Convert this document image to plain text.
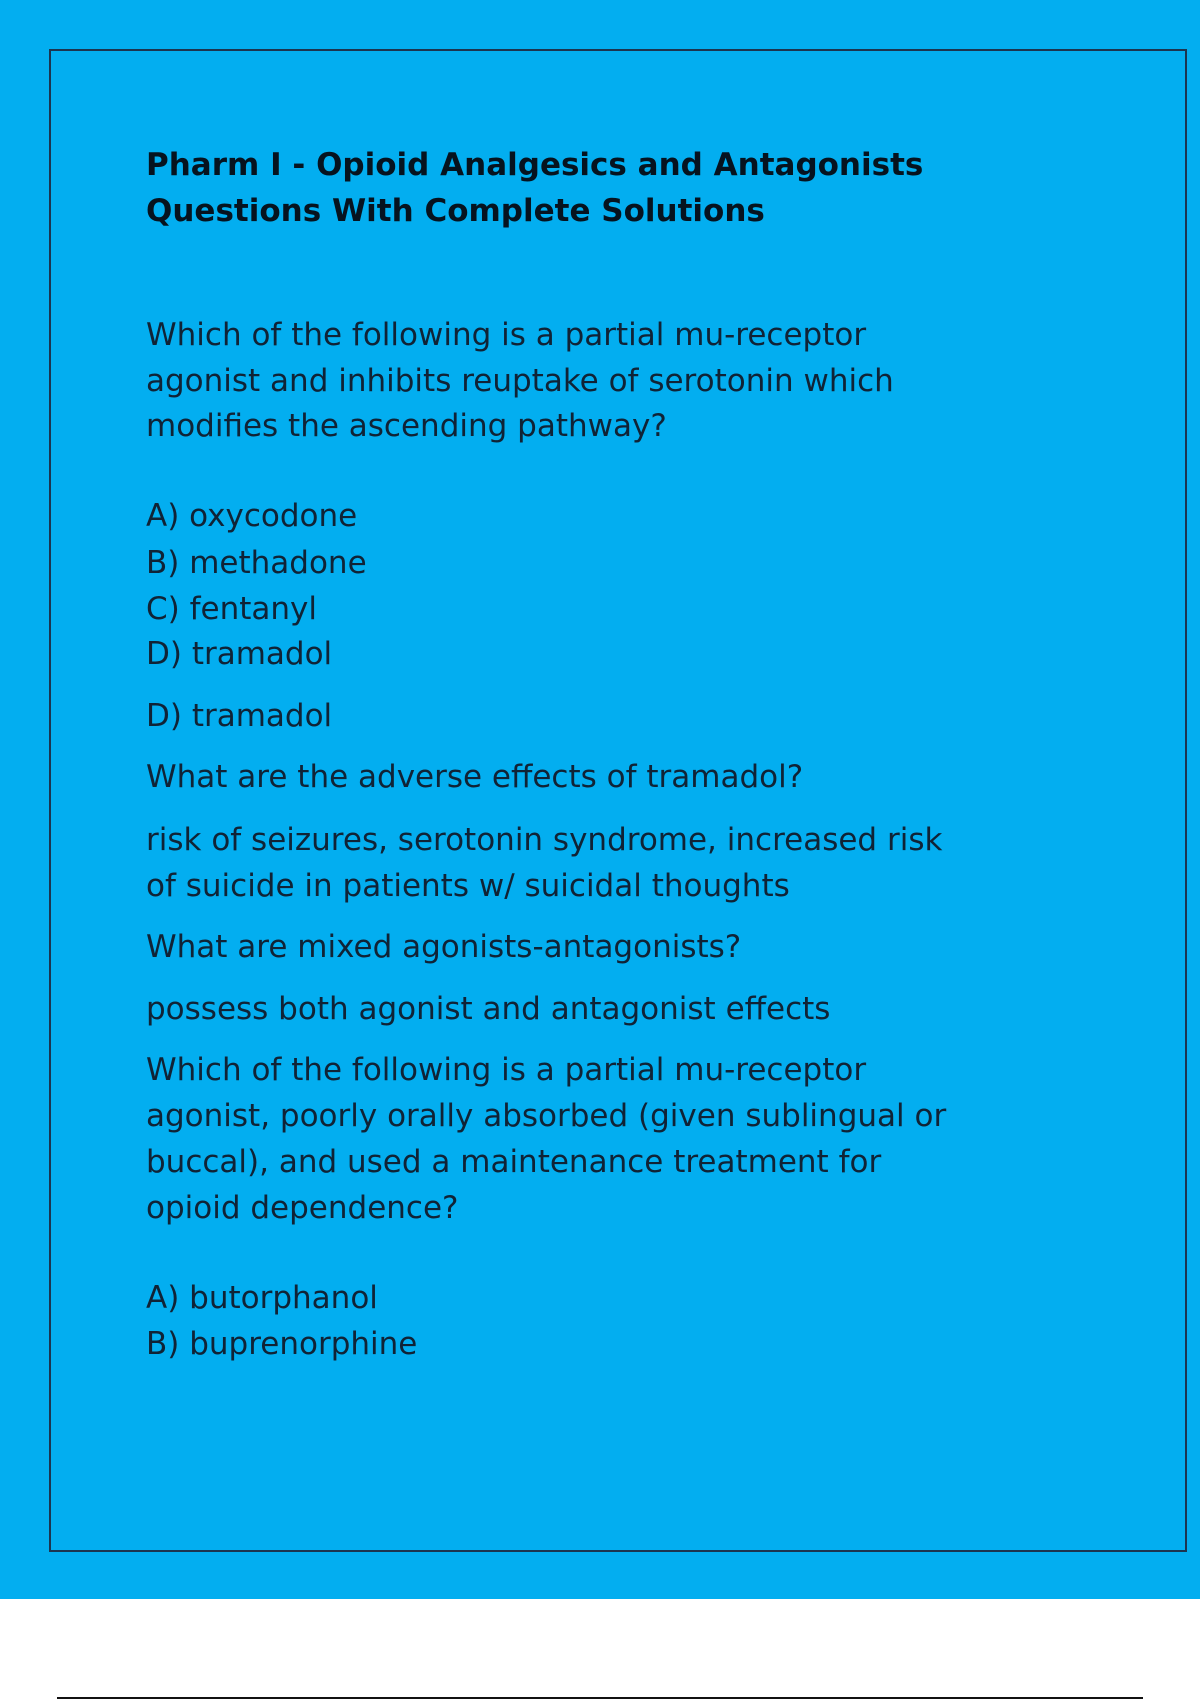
Pharm I - Opioid Analgesics and Antagonists
Questions With Complete Solutions
Which of the following is a partial mu-receptor
agonist and inhibits reuptake of serotonin which
modifies the ascending pathway?
A) oxycodone
B) methadone
C) fentanyl
D) tramadol
D) tramadol
What are the adverse effects of tramadol?
risk of seizures, serotonin syndrome, increased risk
of suicide in patients w/ suicidal thoughts
What are mixed agonists-antagonists?
possess both agonist and antagonist effects
Which of the following is a partial mu-receptor
agonist, poorly orally absorbed (given sublingual or
buccal), and used a maintenance treatment for
opioid dependence?
A) butorphanol
B) buprenorphine
